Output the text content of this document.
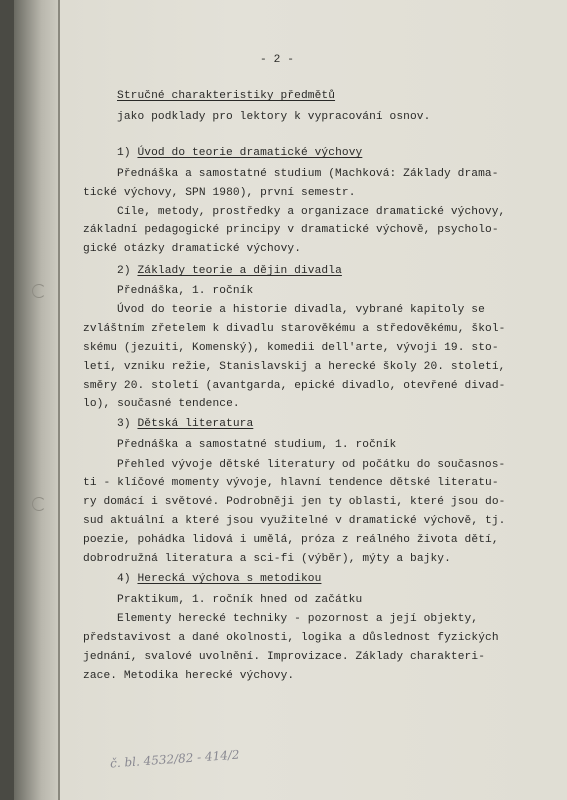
- 2 -
Stručné charakteristiky předmětů
jako podklady pro lektory k vypracování osnov.
1) Úvod do teorie dramatické výchovy
Přednáška a samostatné studium (Machková: Základy drama-
tické výchovy, SPN 1980), první semestr.
Cíle, metody, prostředky a organizace dramatické výchovy,
základní pedagogické principy v dramatické výchově, psycholo-
gické otázky dramatické výchovy.
2) Základy teorie a dějin divadla
Přednáška, 1. ročník
Úvod do teorie a historie divadla, vybrané kapitoly se
zvláštním zřetelem k divadlu starověkému a středověkému, škol-
skému (jezuiti, Komenský), komedii dell'arte, vývoji 19. sto-
letí, vzniku režie, Stanislavskij a herecké školy 20. století,
směry 20. století (avantgarda, epické divadlo, otevřené divad-
lo), současné tendence.
3) Dětská literatura
Přednáška a samostatné studium, 1. ročník
Přehled vývoje dětské literatury od počátku do současnos-
ti - klíčové momenty vývoje, hlavní tendence dětské literatu-
ry domácí i světové. Podrobněji jen ty oblasti, které jsou do-
sud aktuální a které jsou využitelné v dramatické výchově, tj.
poezie, pohádka lidová i umělá, próza z reálného života dětí,
dobrodružná literatura a sci-fi (výběr), mýty a bajky.
4) Herecká výchova s metodikou
Praktikum, 1. ročník hned od začátku
Elementy herecké techniky - pozornost a její objekty,
představivost a dané okolnosti, logika a důslednost fyzických
jednání, svalové uvolnění. Improvizace. Základy charakteri-
zace. Metodika herecké výchovy.
č. bl. 4532/82 - 414/2
